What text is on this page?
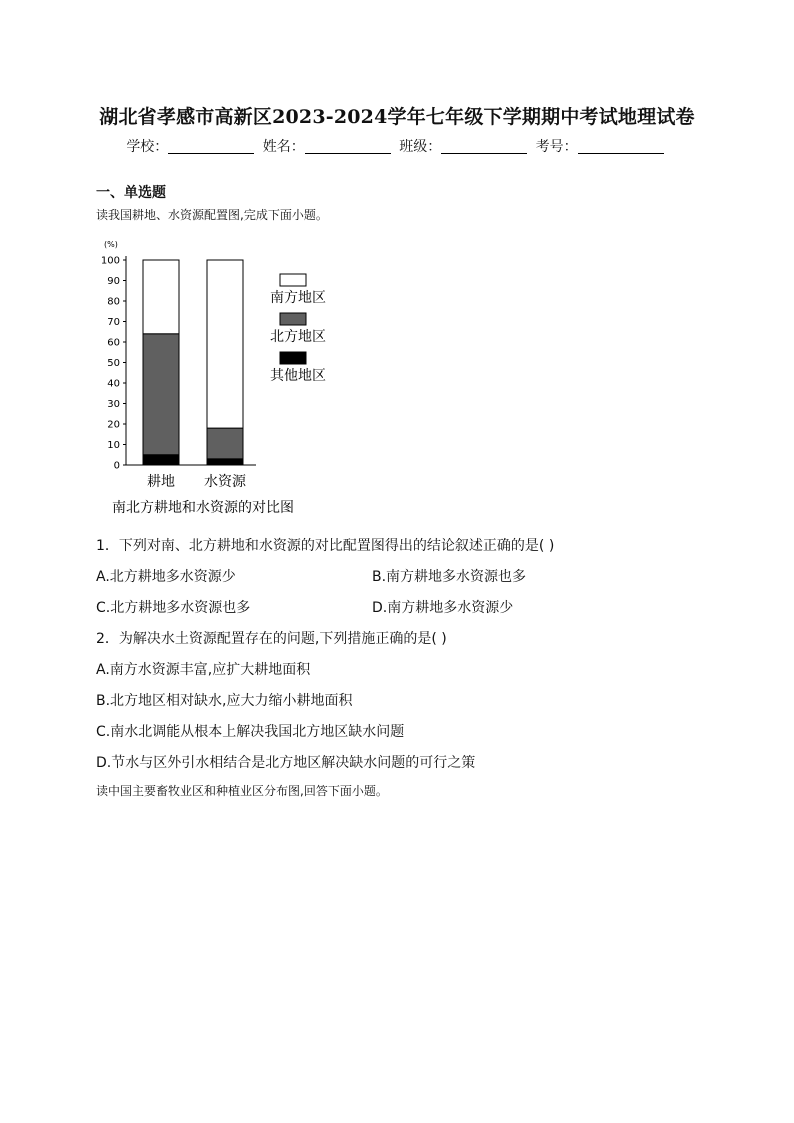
湖北省孝感市高新区2023-2024学年七年级下学期期中考试地理试卷
学校：	姓名：	班级：	考号：
一、单选题
读我国耕地、水资源配置图,完成下面小题。
(%)
0
10
20
30
40
50
60
70
80
90
100
耕地 水资源
南方地区
北方地区
其他地区
南北方耕地和水资源的对比图
1．下列对南、北方耕地和水资源的对比配置图得出的结论叙述正确的是( )
A.北方耕地多水资源少	B.南方耕地多水资源也多
C.北方耕地多水资源也多	D.南方耕地多水资源少
2．为解决水土资源配置存在的问题,下列措施正确的是( )
A.南方水资源丰富,应扩大耕地面积
B.北方地区相对缺水,应大力缩小耕地面积
C.南水北调能从根本上解决我国北方地区缺水问题
D.节水与区外引水相结合是北方地区解决缺水问题的可行之策
读中国主要畜牧业区和种植业区分布图,回答下面小题。
